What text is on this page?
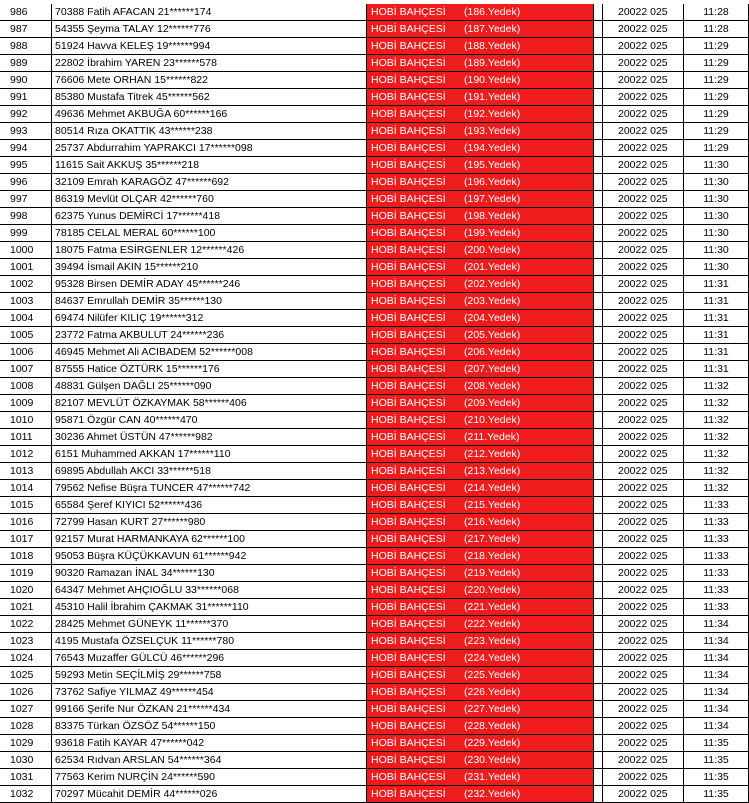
986	70388 Fatih AFACAN 21******174	HOBİ BAHÇESİ (186.Yedek)		20022 025	11:28
987	54355 Şeyma TALAY 12******776	HOBİ BAHÇESİ (187.Yedek)		20022 025	11:28
988	51924 Havva KELEŞ 19******994	HOBİ BAHÇESİ (188.Yedek)		20022 025	11:29
989	22802 İbrahim YAREN 23******578	HOBİ BAHÇESİ (189.Yedek)		20022 025	11:29
990	76606 Mete ORHAN 15******822	HOBİ BAHÇESİ (190.Yedek)		20022 025	11:29
991	85380 Mustafa Titrek 45******562	HOBİ BAHÇESİ (191.Yedek)		20022 025	11:29
992	49636 Mehmet AKBUĞA 60******166	HOBİ BAHÇESİ (192.Yedek)		20022 025	11:29
993	80514 Rıza OKATTIK 43******238	HOBİ BAHÇESİ (193.Yedek)		20022 025	11:29
994	25737 Abdurrahim YAPRAKCI 17******098	HOBİ BAHÇESİ (194.Yedek)		20022 025	11:29
995	11615 Sait AKKUŞ 35******218	HOBİ BAHÇESİ (195.Yedek)		20022 025	11:30
996	32109 Emrah KARAGÖZ 47******692	HOBİ BAHÇESİ (196.Yedek)		20022 025	11:30
997	86319 Mevlüt OLÇAR 42******760	HOBİ BAHÇESİ (197.Yedek)		20022 025	11:30
998	62375 Yunus DEMİRCİ 17******418	HOBİ BAHÇESİ (198.Yedek)		20022 025	11:30
999	78185 CELAL MERAL 60******100	HOBİ BAHÇESİ (199.Yedek)		20022 025	11:30
1000	18075 Fatma ESİRGENLER 12******426	HOBİ BAHÇESİ (200.Yedek)		20022 025	11:30
1001	39494 İsmail AKIN 15******210	HOBİ BAHÇESİ (201.Yedek)		20022 025	11:30
1002	95328 Birsen DEMİR ADAY 45******246	HOBİ BAHÇESİ (202.Yedek)		20022 025	11:31
1003	84637 Emrullah DEMİR 35******130	HOBİ BAHÇESİ (203.Yedek)		20022 025	11:31
1004	69474 Nilüfer KILIÇ 19******312	HOBİ BAHÇESİ (204.Yedek)		20022 025	11:31
1005	23772 Fatma AKBULUT 24******236	HOBİ BAHÇESİ (205.Yedek)		20022 025	11:31
1006	46945 Mehmet Ali ACIBADEM 52******008	HOBİ BAHÇESİ (206.Yedek)		20022 025	11:31
1007	87555 Hatice ÖZTÜRK 15******176	HOBİ BAHÇESİ (207.Yedek)		20022 025	11:31
1008	48831 Gülşen DAĞLI 25******090	HOBİ BAHÇESİ (208.Yedek)		20022 025	11:32
1009	82107 MEVLÜT ÖZKAYMAK 58******406	HOBİ BAHÇESİ (209.Yedek)		20022 025	11:32
1010	95871 Özgür CAN 40******470	HOBİ BAHÇESİ (210.Yedek)		20022 025	11:32
1011	30236 Ahmet ÜSTÜN 47******982	HOBİ BAHÇESİ (211.Yedek)		20022 025	11:32
1012	6151 Muhammed AKKAN 17******110	HOBİ BAHÇESİ (212.Yedek)		20022 025	11:32
1013	69895 Abdullah AKCI 33******518	HOBİ BAHÇESİ (213.Yedek)		20022 025	11:32
1014	79562 Nefise Büşra TUNCER 47******742	HOBİ BAHÇESİ (214.Yedek)		20022 025	11:32
1015	65584 Şeref KIYICI 52******436	HOBİ BAHÇESİ (215.Yedek)		20022 025	11:33
1016	72799 Hasan KURT 27******980	HOBİ BAHÇESİ (216.Yedek)		20022 025	11:33
1017	92157 Murat HARMANKAYA 62******100	HOBİ BAHÇESİ (217.Yedek)		20022 025	11:33
1018	95053 Büşra KÜÇÜKKAVUN 61******942	HOBİ BAHÇESİ (218.Yedek)		20022 025	11:33
1019	90320 Ramazan İNAL 34******130	HOBİ BAHÇESİ (219.Yedek)		20022 025	11:33
1020	64347 Mehmet AHÇIOĞLU 33******068	HOBİ BAHÇESİ (220.Yedek)		20022 025	11:33
1021	45310 Halil İbrahim ÇAKMAK 31******110	HOBİ BAHÇESİ (221.Yedek)		20022 025	11:33
1022	28425 Mehmet GÜNEYK 11******370	HOBİ BAHÇESİ (222.Yedek)		20022 025	11:34
1023	4195 Mustafa ÖZSELÇUK 11******780	HOBİ BAHÇESİ (223.Yedek)		20022 025	11:34
1024	76543 Muzaffer GÜLCÜ 46******296	HOBİ BAHÇESİ (224.Yedek)		20022 025	11:34
1025	59293 Metin SEÇİLMİŞ 29******758	HOBİ BAHÇESİ (225.Yedek)		20022 025	11:34
1026	73762 Safiye YILMAZ 49******454	HOBİ BAHÇESİ (226.Yedek)		20022 025	11:34
1027	99166 Şerife Nur ÖZKAN 21******434	HOBİ BAHÇESİ (227.Yedek)		20022 025	11:34
1028	83375 Türkan ÖZSÖZ 54******150	HOBİ BAHÇESİ (228.Yedek)		20022 025	11:34
1029	93618 Fatih KAYAR 47******042	HOBİ BAHÇESİ (229.Yedek)		20022 025	11:35
1030	62534 Rıdvan ARSLAN 54******364	HOBİ BAHÇESİ (230.Yedek)		20022 025	11:35
1031	77563 Kerim NURÇİN 24******590	HOBİ BAHÇESİ (231.Yedek)		20022 025	11:35
1032	70297 Mücahit DEMİR 44******026	HOBİ BAHÇESİ (232.Yedek)		20022 025	11:35
